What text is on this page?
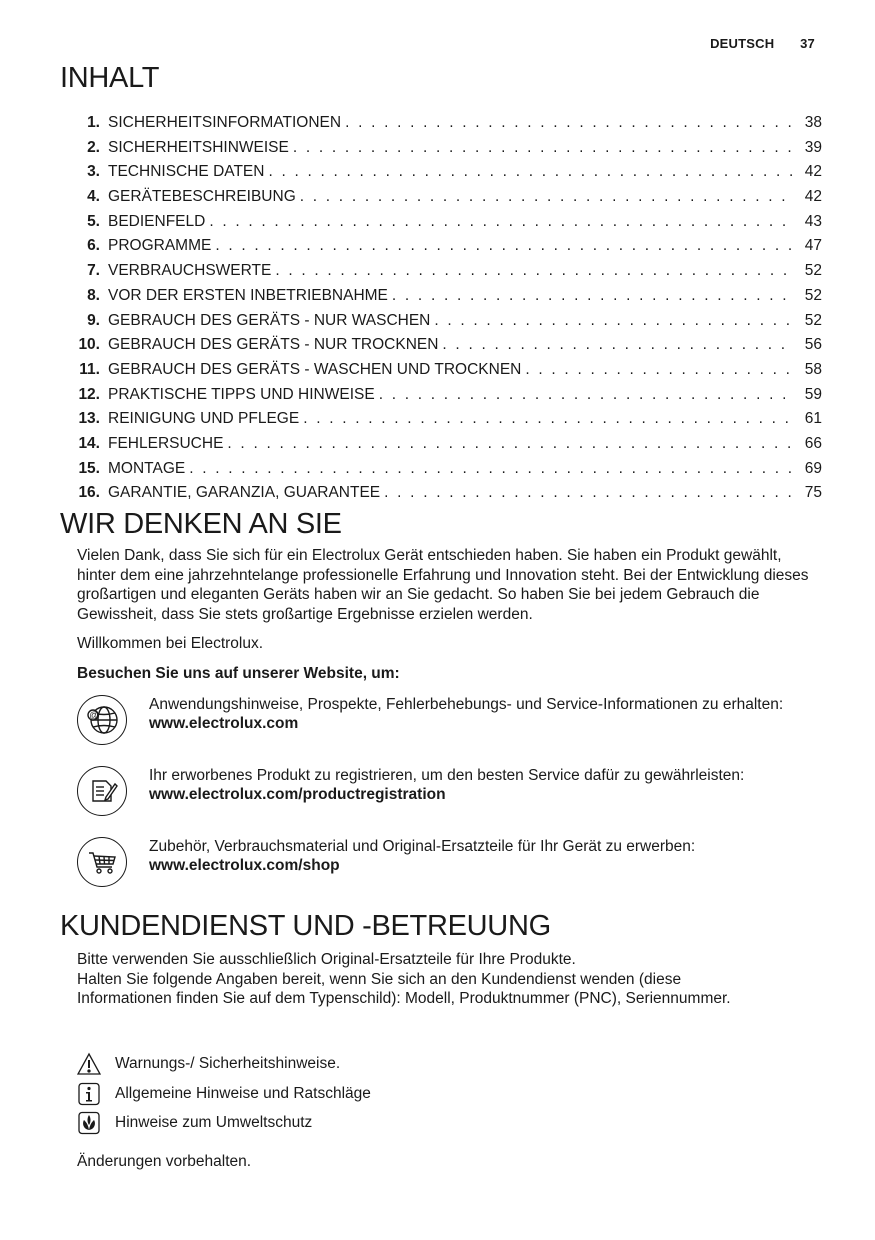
DEUTSCH 37
INHALT
1. SICHERHEITSINFORMATIONEN . . .	38
2. SICHERHEITSHINWEISE . . .	39
3. TECHNISCHE DATEN . . .	42
4. GERÄTEBESCHREIBUNG . . .	42
5. BEDIENFELD . . .	43
6. PROGRAMME . . .	47
7. VERBRAUCHSWERTE . . .	52
8. VOR DER ERSTEN INBETRIEBNAHME . . .	52
9. GEBRAUCH DES GERÄTS - NUR WASCHEN . . .	52
10. GEBRAUCH DES GERÄTS - NUR TROCKNEN . . .	56
11. GEBRAUCH DES GERÄTS - WASCHEN UND TROCKNEN . . .	58
12. PRAKTISCHE TIPPS UND HINWEISE . . .	59
13. REINIGUNG UND PFLEGE . . .	61
14. FEHLERSUCHE . . .	66
15. MONTAGE . . .	69
16. GARANTIE, GARANZIA, GUARANTEE . . .	75
WIR DENKEN AN SIE

Vielen Dank, dass Sie sich für ein Electrolux Gerät entschieden haben. Sie haben ein Produkt gewählt, hinter dem eine jahrzehntelange professionelle Erfahrung und Innovation steht. Bei der Entwicklung dieses großartigen und eleganten Geräts haben wir an Sie gedacht. So haben Sie bei jedem Gebrauch die Gewissheit, dass Sie stets großartige Ergebnisse erzielen werden.

Willkommen bei Electrolux.

Besuchen Sie uns auf unserer Website, um:

@
Anwendungshinweise, Prospekte, Fehlerbehebungs- und Service-Informationen zu erhalten:
www.electrolux.com
Ihr erworbenes Produkt zu registrieren, um den besten Service dafür zu gewährleisten:
www.electrolux.com/productregistration
Zubehör, Verbrauchsmaterial und Original-Ersatzteile für Ihr Gerät zu erwerben:
www.electrolux.com/shop
KUNDENDIENST UND -BETREUUNG

Bitte verwenden Sie ausschließlich Original-Ersatzteile für Ihre Produkte.

Halten Sie folgende Angaben bereit, wenn Sie sich an den Kundendienst wenden (diese Informationen finden Sie auf dem Typenschild): Modell, Produktnummer (PNC), Seriennummer.

Warnungs-/ Sicherheitshinweise.
Allgemeine Hinweise und Ratschläge
Hinweise zum Umweltschutz

Änderungen vorbehalten.
